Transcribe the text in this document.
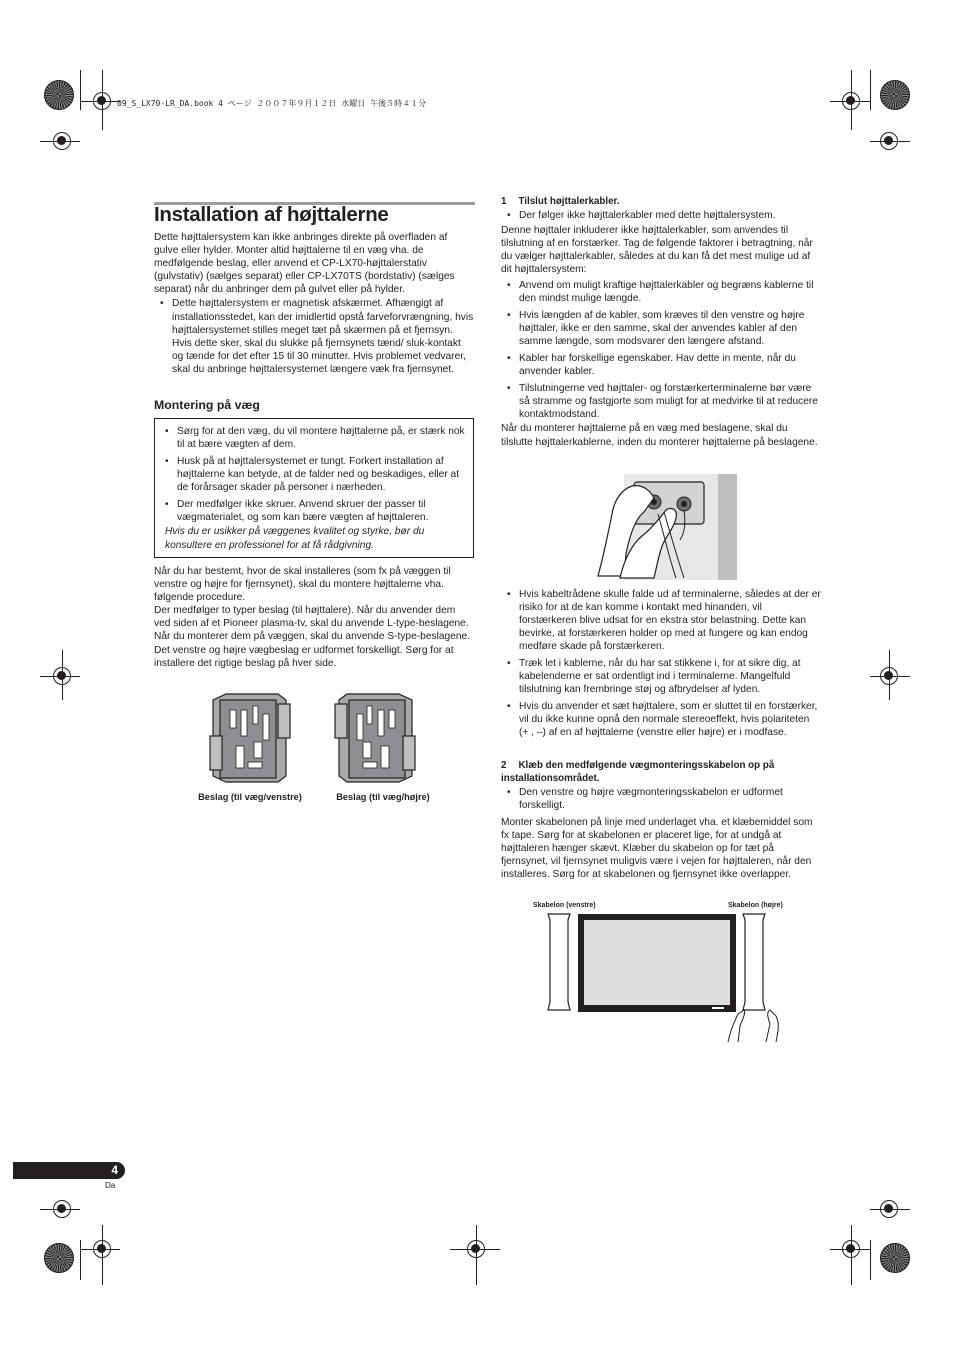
09_S_LX70-LR_DA.book 4 ページ ２００７年９月１２日 水曜日 午後５時４１分
Installation af højttalerne

Dette højttalersystem kan ikke anbringes direkte på overfladen af gulve eller hylder. Monter altid højttalerne til en væg vha. de medfølgende beslag, eller anvend et CP-LX70-højttalerstativ (gulvstativ) (sælges separat) eller CP-LX70TS (bordstativ) (sælges separat) når du anbringer dem på gulvet eller på hylder.

• Dette højttalersystem er magnetisk afskærmet. Afhængigt af installationsstedet, kan der imidlertid opstå farveforvrængning, hvis højttalersystemet stilles meget tæt på skærmen på et fjernsyn. Hvis dette sker, skal du slukke på fjernsynets tænd/ sluk-kontakt og tænde for det efter 15 til 30 minutter. Hvis problemet vedvarer, skal du anbringe højttalersystemet længere væk fra fjernsynet.
Montering på væg
• Sørg for at den væg, du vil montere højttalerne på, er stærk nok til at bære vægten af dem.
• Husk på at højttalersystemet er tungt. Forkert installation af højttalerne kan betyde, at de falder ned og beskadiges, eller at de forårsager skader på personer i nærheden.
• Der medfølger ikke skruer. Anvend skruer der passer til vægmaterialet, og som kan bære vægten af højttaleren.

Hvis du er usikker på væggenes kvalitet og styrke, bør du konsultere en professionel for at få rådgivning.

Når du har bestemt, hvor de skal installeres (som fx på væggen til venstre og højre for fjernsynet), skal du montere højttalerne vha. følgende procedure.

Der medfølger to typer beslag (til højttalere). Når du anvender dem ved siden af et Pioneer plasma-tv, skal du anvende L-type-beslagene. Når du monterer dem på væggen, skal du anvende S-type-beslagene.

Det venstre og højre vægbeslag er udformet forskelligt. Sørg for at installere det rigtige beslag på hver side.

Beslag (til væg/venstre)	Beslag (til væg/højre)
1 Tilslut højttalerkabler.
• Der følger ikke højttalerkabler med dette højttalersystem.

Denne højttaler inkluderer ikke højttalerkabler, som anvendes til tilslutning af en forstærker. Tag de følgende faktorer i betragtning, når du vælger højttalerkabler, således at du kan få det mest mulige ud af dit højttalersystem:

• Anvend om muligt kraftige højttalerkabler og begræns kablerne til den mindst mulige længde.
• Hvis længden af de kabler, som kræves til den venstre og højre højttaler, ikke er den samme, skal der anvendes kabler af den samme længde, som modsvarer den længere afstand.
• Kabler har forskellige egenskaber. Hav dette in mente, når du anvender kabler.
• Tilslutningerne ved højttaler- og forstærkerterminalerne bør være så stramme og fastgjorte som muligt for at medvirke til at reducere kontaktmodstand.

Når du monterer højttalerne på en væg med beslagene, skal du tilslutte højttalerkablerne, inden du monterer højttalerne på beslagene.

• Hvis kabeltrådene skulle falde ud af terminalerne, således at der er risiko for at de kan komme i kontakt med hinanden, vil forstærkeren blive udsat for en ekstra stor belastning. Dette kan bevirke, at forstærkeren holder op med at fungere og kan endog medføre skade på forstærkeren.
• Træk let i kablerne, når du har sat stikkene i, for at sikre dig, at kabelenderne er sat ordentligt ind i terminalerne. Mangelfuld tilslutning kan frembringe støj og afbrydelser af lyden.
• Hvis du anvender et sæt højttalere, som er sluttet til en forstærker, vil du ikke kunne opnå den normale stereoeffekt, hvis polariteten (+ , –) af en af højttalerne (venstre eller højre) er i modfase.
2 Klæb den medfølgende vægmonteringsskabelon op på installationsområdet.
• Den venstre og højre vægmonteringsskabelon er udformet forskelligt.

Monter skabelonen på linje med underlaget vha. et klæbemiddel som fx tape. Sørg for at skabelonen er placeret lige, for at undgå at højttaleren hænger skævt. Klæber du skabelon op for tæt på fjernsynet, vil fjernsynet muligvis være i vejen for højttaleren, når den installeres. Sørg for at skabelonen og fjernsynet ikke overlapper.

Skabelon (venstre)	Skabelon (højre)
4
Da
